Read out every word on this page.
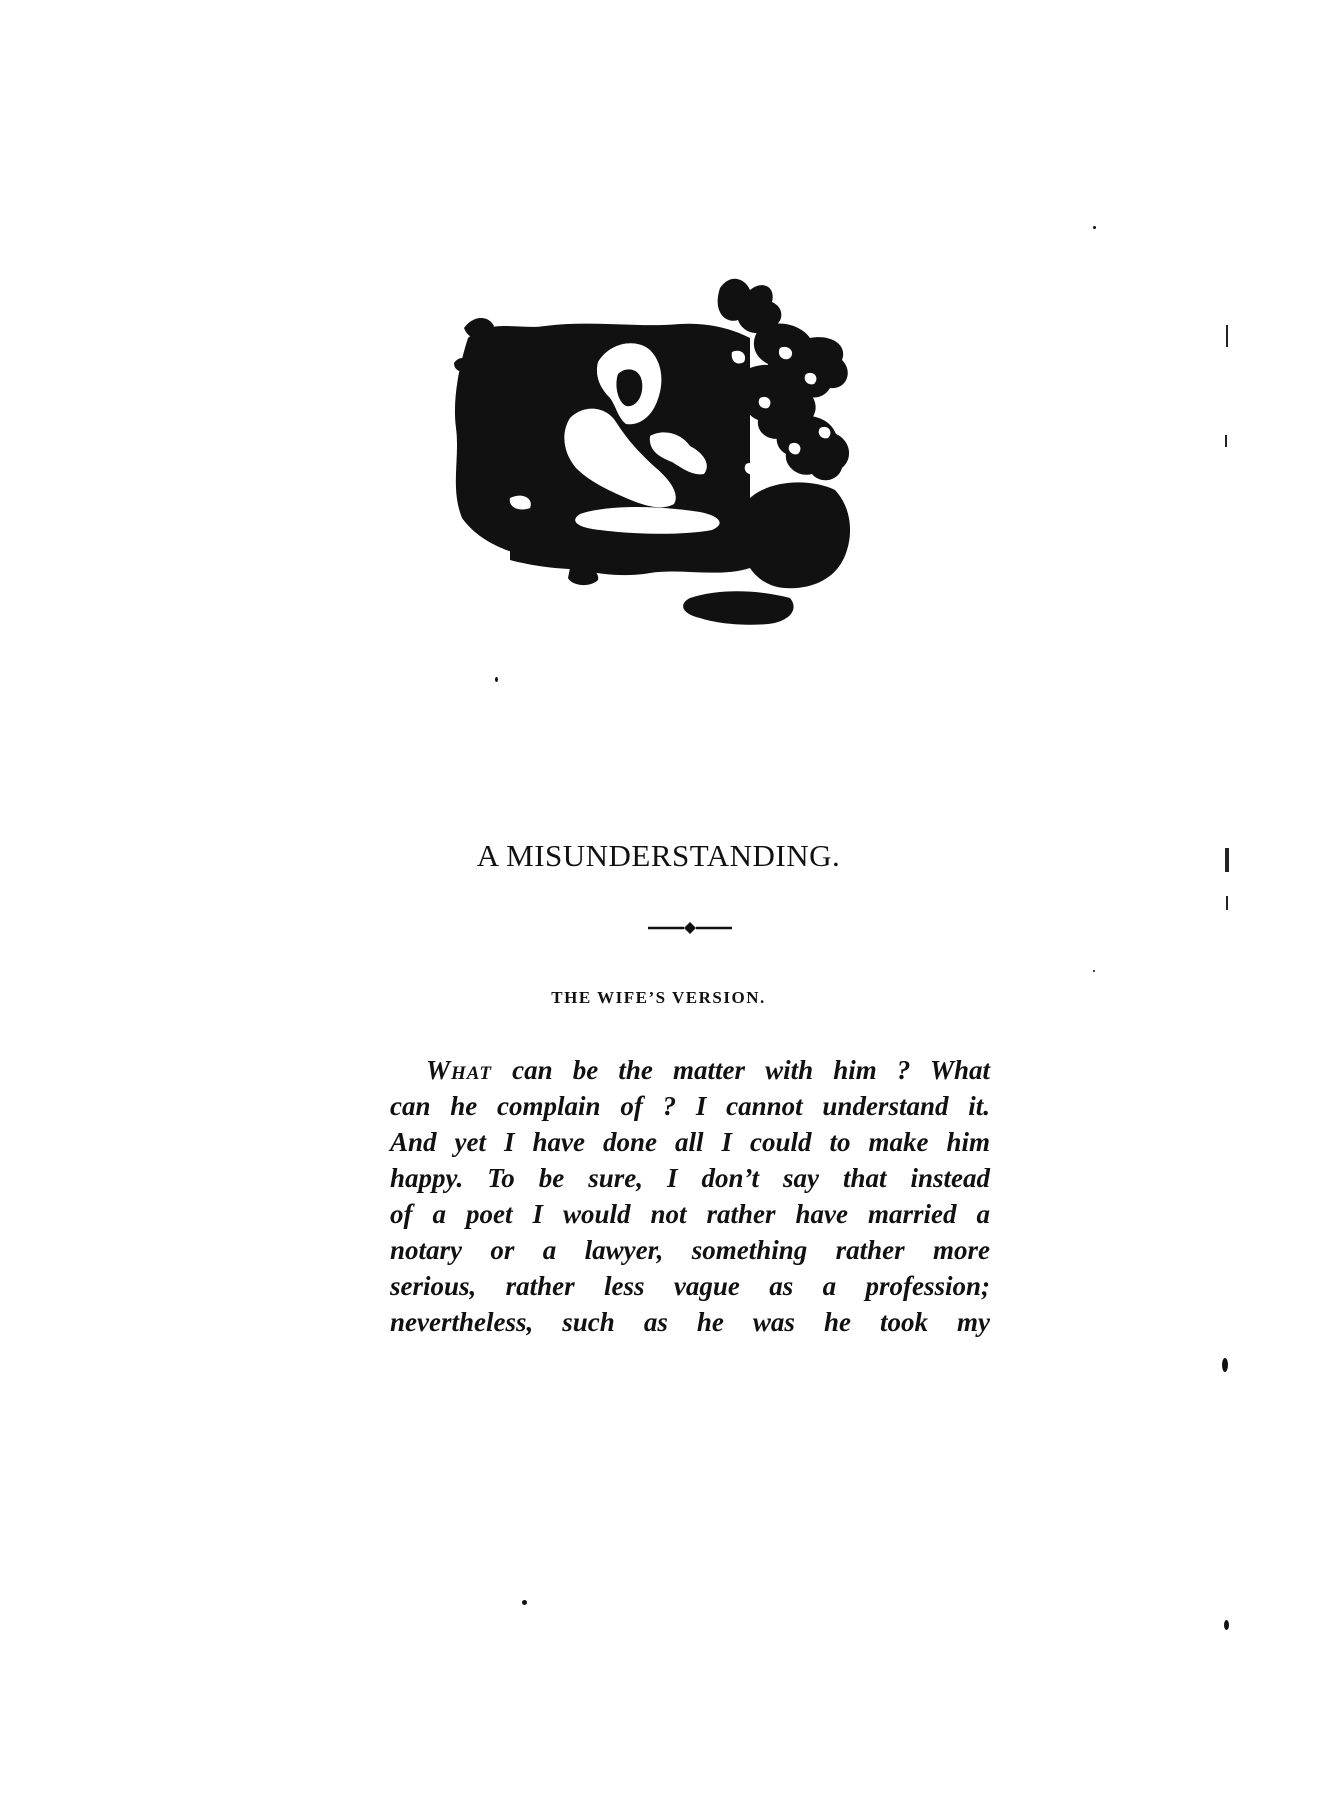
A MISUNDERSTANDING.
THE WIFE’S VERSION.
What can be the matter with him ? What
can he complain of ? I cannot understand it.
And yet I have done all I could to make him
happy. To be sure, I don’t say that instead
of a poet I would not rather have married a
notary or a lawyer, something rather more
serious, rather less vague as a profession;
nevertheless, such as he was he took my
